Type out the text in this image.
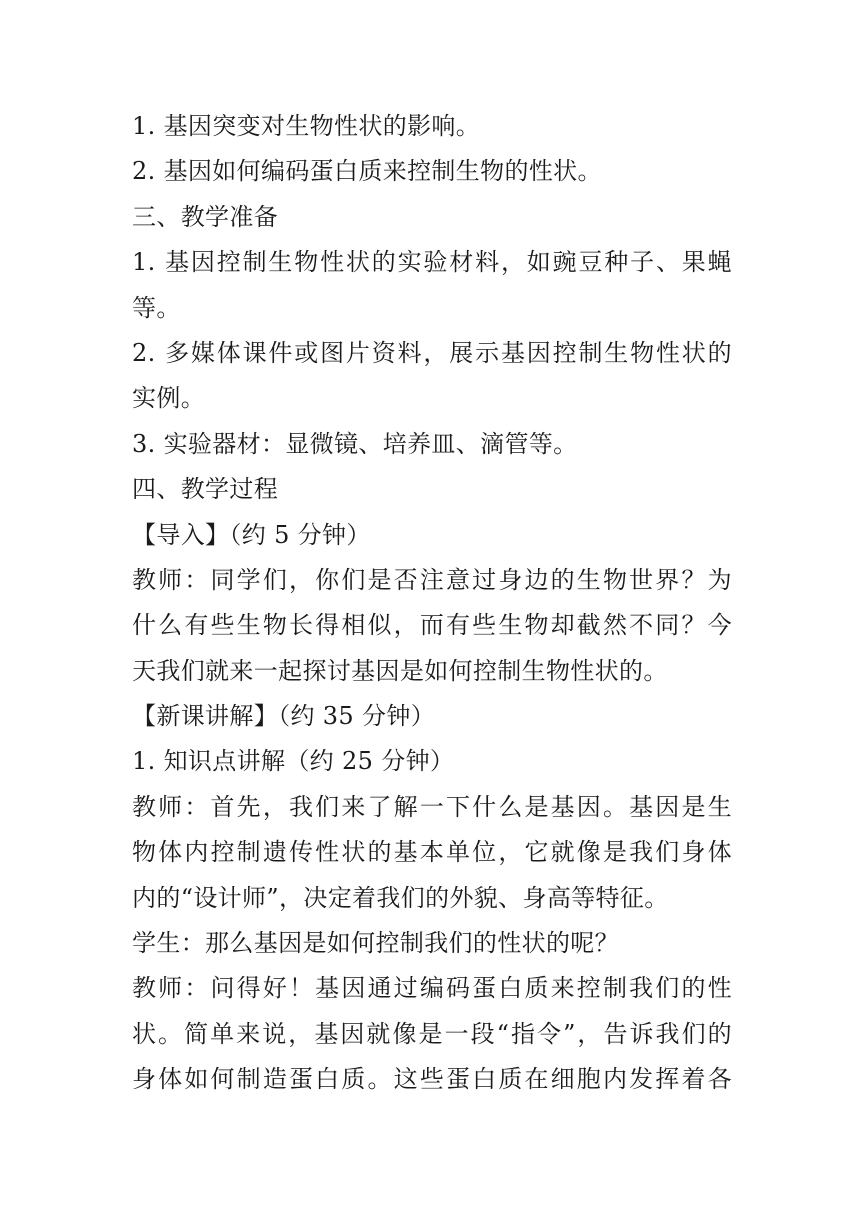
1. 基因突变对生物性状的影响。
2. 基因如何编码蛋白质来控制生物的性状。
三、教学准备
1. 基因控制生物性状的实验材料，如豌豆种子、果蝇
等。
2. 多媒体课件或图片资料，展示基因控制生物性状的
实例。
3. 实验器材：显微镜、培养皿、滴管等。
四、教学过程
【导入】（约 5 分钟）
教师：同学们，你们是否注意过身边的生物世界？为
什么有些生物长得相似，而有些生物却截然不同？今
天我们就来一起探讨基因是如何控制生物性状的。
【新课讲解】（约 35 分钟）
1. 知识点讲解（约 25 分钟）
教师：首先，我们来了解一下什么是基因。基因是生
物体内控制遗传性状的基本单位，它就像是我们身体
内的“设计师”，决定着我们的外貌、身高等特征。
学生：那么基因是如何控制我们的性状的呢？
教师：问得好！基因通过编码蛋白质来控制我们的性
状。简单来说，基因就像是一段“指令”，告诉我们的
身体如何制造蛋白质。这些蛋白质在细胞内发挥着各
